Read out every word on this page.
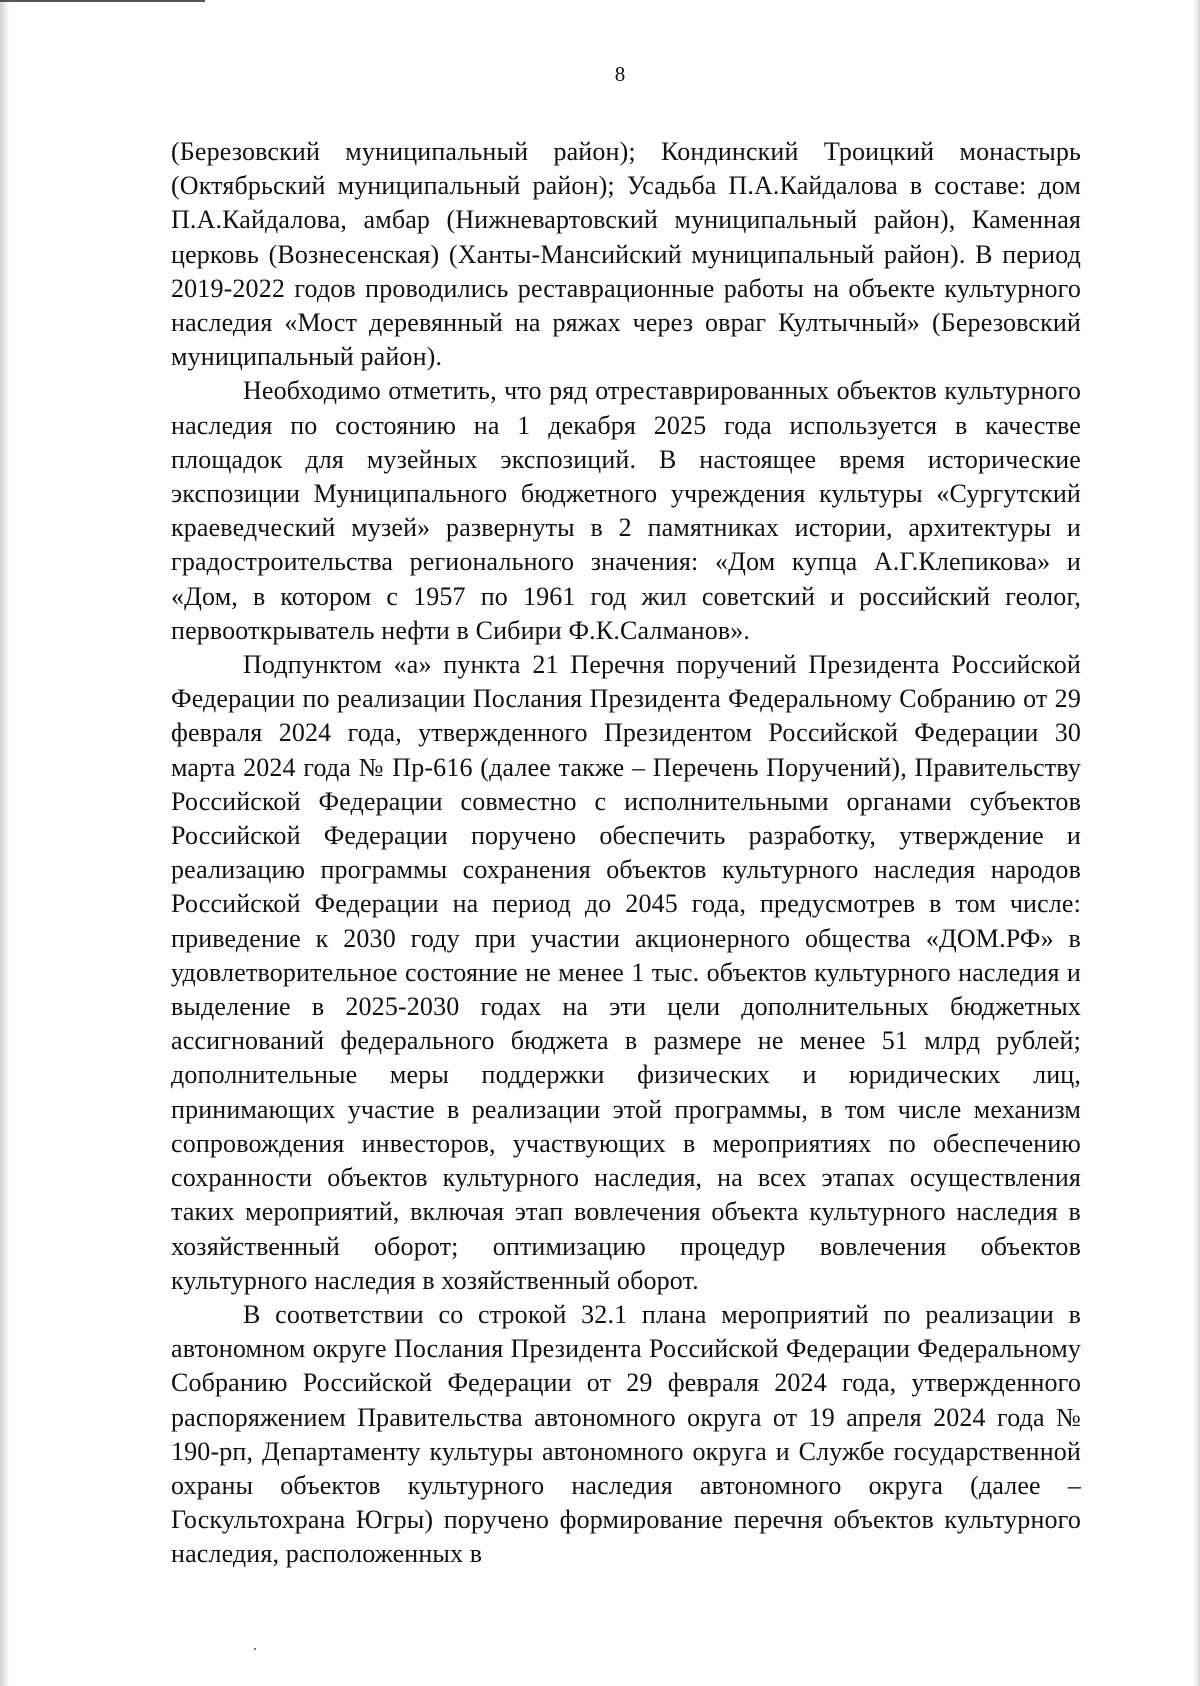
8

(Березовский муниципальный район); Кондинский Троицкий монастырь (Октябрьский муниципальный район); Усадьба П.А.Кайдалова в составе: дом П.А.Кайдалова, амбар (Нижневартовский муниципальный район), Каменная церковь (Вознесенская) (Ханты-Мансийский муниципальный район). В период 2019-2022 годов проводились реставрационные работы на объекте культурного наследия «Мост деревянный на ряжах через овраг Култычный» (Березовский муниципальный район).

Необходимо отметить, что ряд отреставрированных объектов культурного наследия по состоянию на 1 декабря 2025 года используется в качестве площадок для музейных экспозиций. В настоящее время исторические экспозиции Муниципального бюджетного учреждения культуры «Сургутский краеведческий музей» развернуты в 2 памятниках истории, архитектуры и градостроительства регионального значения: «Дом купца А.Г.Клепикова» и «Дом, в котором с 1957 по 1961 год жил советский и российский геолог, первооткрыватель нефти в Сибири Ф.К.Салманов».

Подпунктом «а» пункта 21 Перечня поручений Президента Российской Федерации по реализации Послания Президента Федеральному Собранию от 29 февраля 2024 года, утвержденного Президентом Российской Федерации 30 марта 2024 года № Пр-616 (далее также – Перечень Поручений), Правительству Российской Федерации совместно с исполнительными органами субъектов Российской Федерации поручено обеспечить разработку, утверждение и реализацию программы сохранения объектов культурного наследия народов Российской Федерации на период до 2045 года, предусмотрев в том числе: приведение к 2030 году при участии акционерного общества «ДОМ.РФ» в удовлетворительное состояние не менее 1 тыс. объектов культурного наследия и выделение в 2025-2030 годах на эти цели дополнительных бюджетных ассигнований федерального бюджета в размере не менее 51 млрд рублей; дополнительные меры поддержки физических и юридических лиц, принимающих участие в реализации этой программы, в том числе механизм сопровождения инвесторов, участвующих в мероприятиях по обеспечению сохранности объектов культурного наследия, на всех этапах осуществления таких мероприятий, включая этап вовлечения объекта культурного наследия в хозяйственный оборот; оптимизацию процедур вовлечения объектов культурного наследия в хозяйственный оборот.

В соответствии со строкой 32.1 плана мероприятий по реализации в автономном округе Послания Президента Российской Федерации Федеральному Собранию Российской Федерации от 29 февраля 2024 года, утвержденного распоряжением Правительства автономного округа от 19 апреля 2024 года № 190-рп, Департаменту культуры автономного округа и Службе государственной охраны объектов культурного наследия автономного округа (далее – Госкультохрана Югры) поручено формирование перечня объектов культурного наследия, расположенных в
